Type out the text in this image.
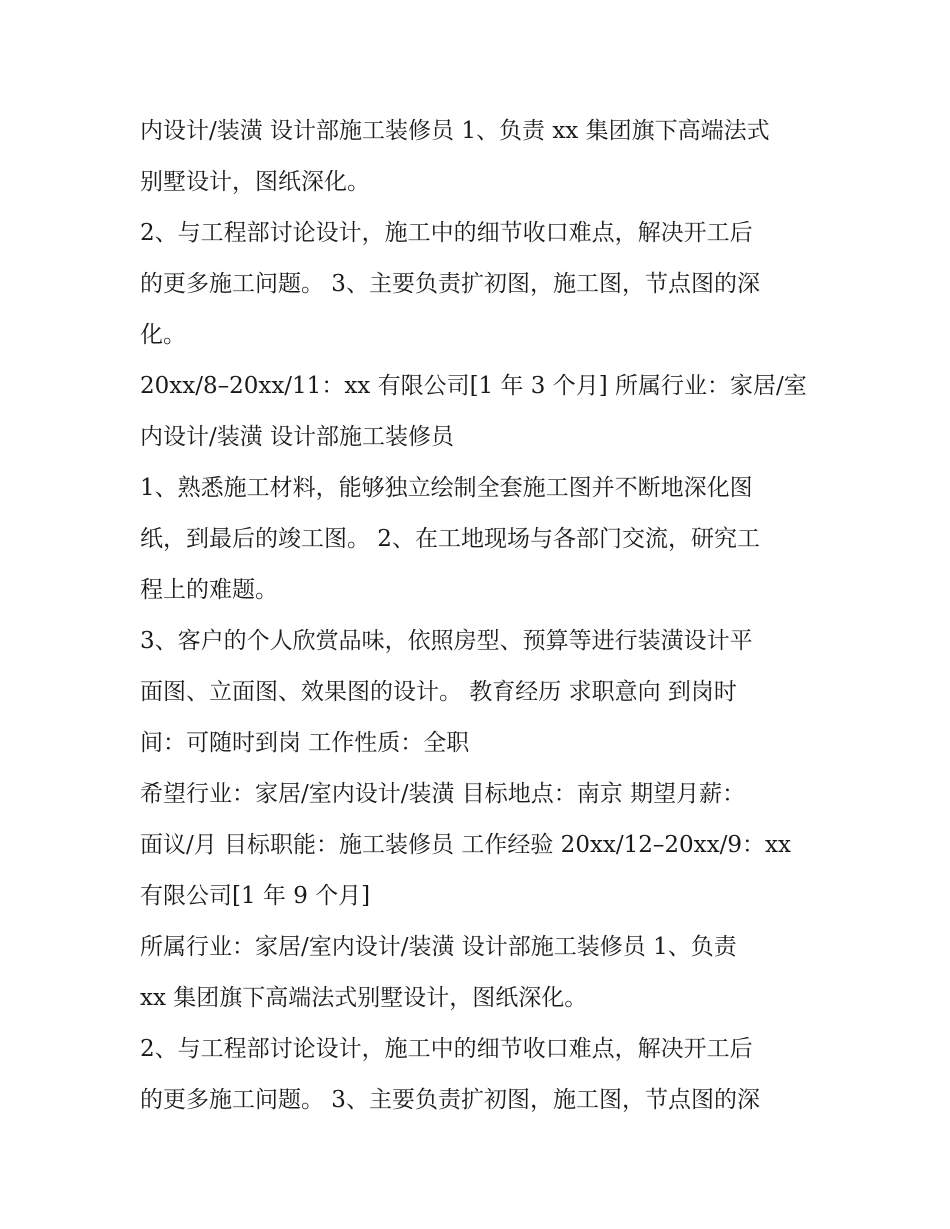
内设计/装潢 设计部施工装修员 1、负责 xx 集团旗下高端法式
别墅设计，图纸深化。
2、与工程部讨论设计，施工中的细节收口难点，解决开工后
的更多施工问题。 3、主要负责扩初图，施工图，节点图的深
化。
20xx/8–20xx/11：xx 有限公司[1 年 3 个月] 所属行业：家居/室
内设计/装潢 设计部施工装修员
1、熟悉施工材料，能够独立绘制全套施工图并不断地深化图
纸，到最后的竣工图。 2、在工地现场与各部门交流，研究工
程上的难题。
3、客户的个人欣赏品味，依照房型、预算等进行装潢设计平
面图、立面图、效果图的设计。 教育经历 求职意向 到岗时
间：可随时到岗 工作性质：全职
希望行业：家居/室内设计/装潢 目标地点：南京 期望月薪：
面议/月 目标职能：施工装修员 工作经验 20xx/12–20xx/9：xx
有限公司[1 年 9 个月]
所属行业：家居/室内设计/装潢 设计部施工装修员 1、负责
xx 集团旗下高端法式别墅设计，图纸深化。
2、与工程部讨论设计，施工中的细节收口难点，解决开工后
的更多施工问题。 3、主要负责扩初图，施工图，节点图的深
